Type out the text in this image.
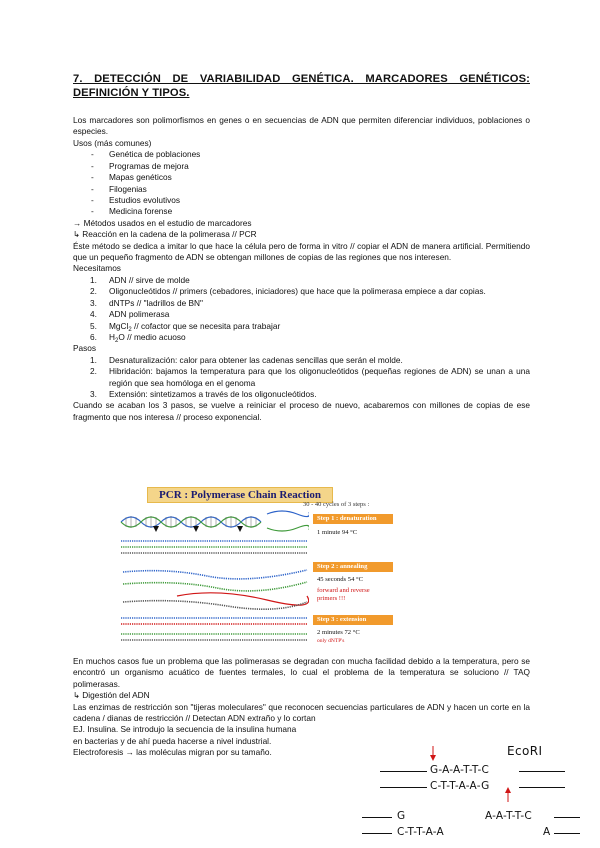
7. DETECCIÓN DE VARIABILIDAD GENÉTICA. MARCADORES GENÉTICOS: DEFINICIÓN Y TIPOS.
Los marcadores son polimorfismos en genes o en secuencias de ADN que permiten diferenciar individuos, poblaciones o especies.
Usos (más comunes)
- Genética de poblaciones
- Programas de mejora
- Mapas genéticos
- Filogenias
- Estudios evolutivos
- Medicina forense
→ Métodos usados en el estudio de marcadores
↳ Reacción en la cadena de la polimerasa // PCR
Éste método se dedica a imitar lo que hace la célula pero de forma in vitro // copiar el ADN de manera artificial. Permitiendo que un pequeño fragmento de ADN se obtengan millones de copias de las regiones que nos interesen.
Necesitamos
1. ADN // sirve de molde
2. Oligonucleótidos // primers (cebadores, iniciadores) que hace que la polimerasa empiece a dar copias.
3. dNTPs // "ladrillos de BN"
4. ADN polimerasa
5. MgCl$_2$ // cofactor que se necesita para trabajar
6. $H_2O$ // medio acuoso
Pasos
1. Desnaturalización: calor para obtener las cadenas sencillas que serán el molde.
2. Hibridación: bajamos la temperatura para que los oligonucleótidos (pequeñas regiones de ADN) se unan a una región que sea homóloga en el genoma
3. Extensión: sintetizamos a través de los oligonucleótidos.
Cuando se acaban los 3 pasos, se vuelve a reiniciar el proceso de nuevo, acabaremos con millones de copias de ese fragmento que nos interesa // proceso exponencial.
PCR : Polymerase Chain Reaction
30 - 40 cycles of 3 steps :
Step 1 : denaturation
1 minute 94 °C
Step 2 : annealing
45 seconds 54 °C
forward and reverse primers !!!
Step 3 : extension
2 minutes 72 °C
only dNTP's
En muchos casos fue un problema que las polimerasas se degradan con mucha facilidad debido a la temperatura, pero se encontró un organismo acuático de fuentes termales, lo cual el problema de la temperatura se soluciono // TAQ polimerasas.
↳ Digestión del ADN
Las enzimas de restricción son "tijeras moleculares" que reconocen secuencias particulares de ADN y hacen un corte en la cadena / dianas de restricción // Detectan ADN extraño y lo cortan
EJ. Insulina. Se introdujo la secuencia de la insulina humana
en bacterias y de ahí pueda hacerse a nivel industrial.
Electroforesis → las moléculas migran por su tamaño.	EcoRI
G-A-A-T-T-C
C-T-T-A-A-G
G	A-A-T-T-C
C-T-T-A-A	A
